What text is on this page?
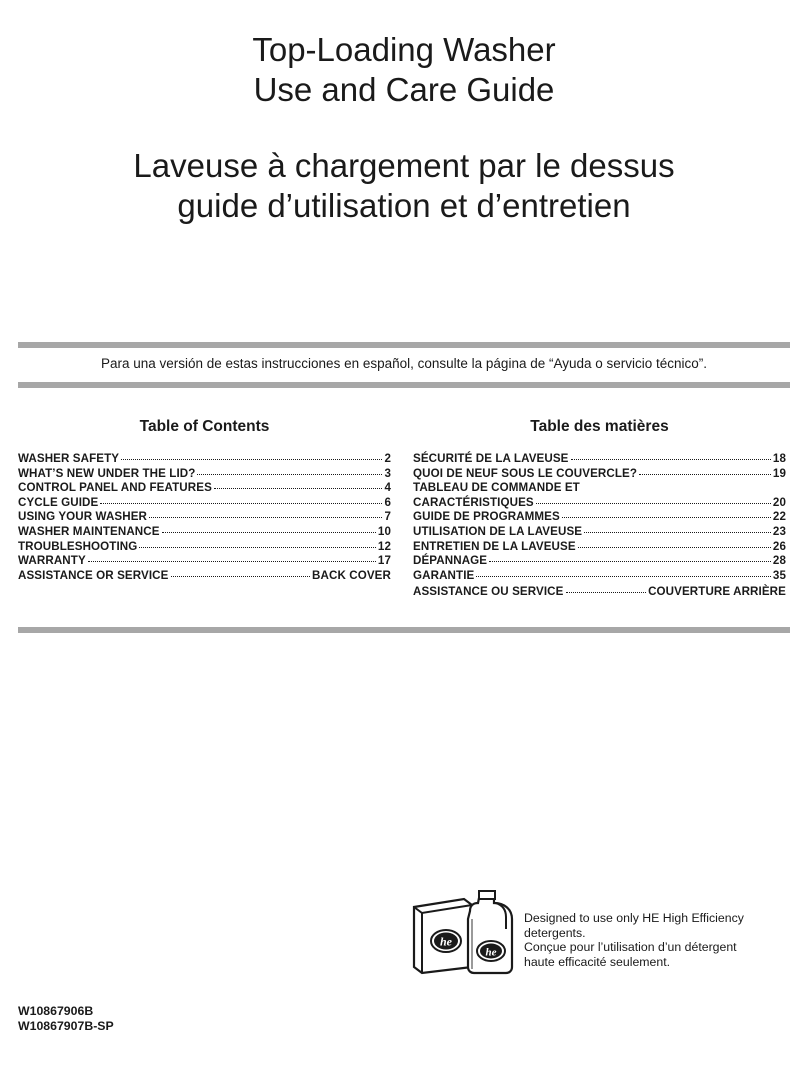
Top-Loading Washer
Use and Care Guide
Laveuse à chargement par le dessus
guide d’utilisation et d’entretien
Para una versión de estas instrucciones en español, consulte la página de “Ayuda o servicio técnico”.
Table of Contents
WASHER SAFETY	2
WHAT’S NEW UNDER THE LID?	3
CONTROL PANEL AND FEATURES	4
CYCLE GUIDE	6
USING YOUR WASHER	7
WASHER MAINTENANCE	10
TROUBLESHOOTING	12
WARRANTY	17
ASSISTANCE OR SERVICE	BACK COVER
Table des matières
SÉCURITÉ DE LA LAVEUSE	18
QUOI DE NEUF SOUS LE COUVERCLE?	19
TABLEAU DE COMMANDE ET
CARACTÉRISTIQUES	20
GUIDE DE PROGRAMMES	22
UTILISATION DE LA LAVEUSE	23
ENTRETIEN DE LA LAVEUSE	26
DÉPANNAGE	28
GARANTIE	35
ASSISTANCE OU SERVICE	COUVERTURE ARRIÈRE
he
he
Designed to use only HE High Efficiency
detergents.
Conçue pour l’utilisation d’un détergent
haute efficacité seulement.
W10867906B
W10867907B-SP
